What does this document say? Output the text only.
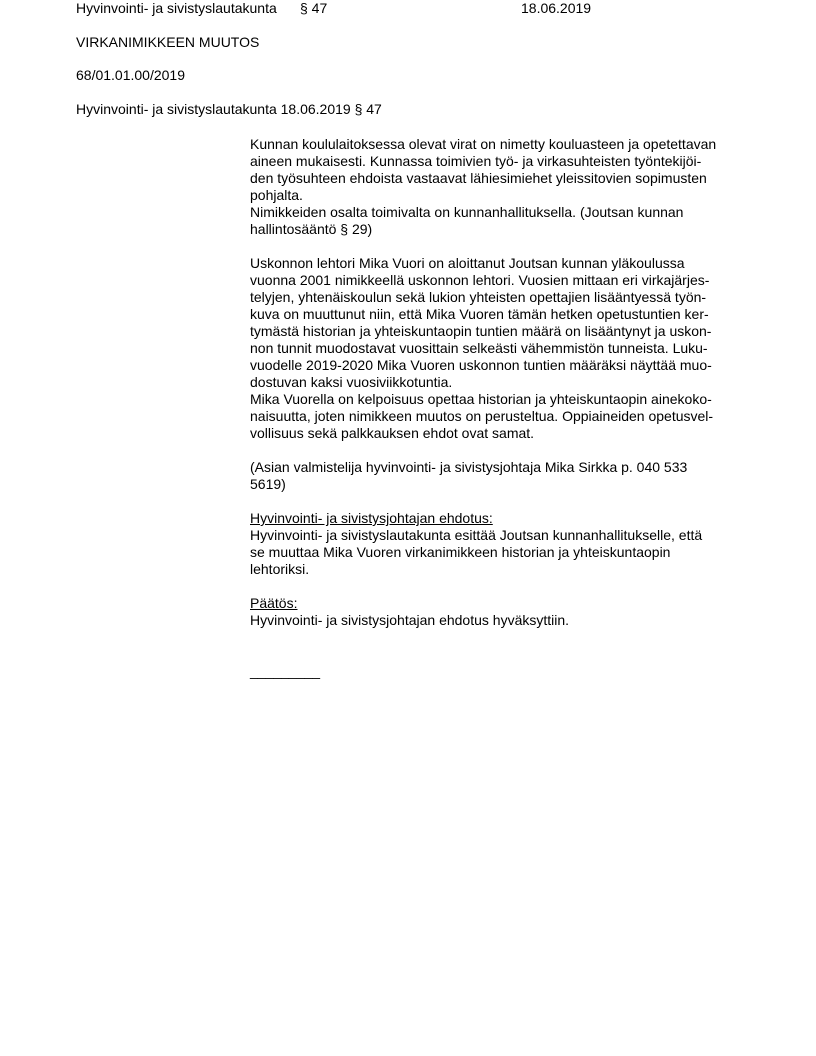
Hyvinvointi- ja sivistyslautakunta § 47	18.06.2019
VIRKANIMIKKEEN MUUTOS
68/01.01.00/2019
Hyvinvointi- ja sivistyslautakunta 18.06.2019 § 47

Kunnan koululaitoksessa olevat virat on nimetty kouluasteen ja opetettavan

aineen mukaisesti. Kunnassa toimivien työ- ja virkasuhteisten työntekijöi-

den työsuhteen ehdoista vastaavat lähiesimiehet yleissitovien sopimusten

pohjalta.

Nimikkeiden osalta toimivalta on kunnanhallituksella. (Joutsan kunnan

hallintosääntö § 29)

Uskonnon lehtori Mika Vuori on aloittanut Joutsan kunnan yläkoulussa

vuonna 2001 nimikkeellä uskonnon lehtori. Vuosien mittaan eri virkajärjes-

telyjen, yhtenäiskoulun sekä lukion yhteisten opettajien lisääntyessä työn-

kuva on muuttunut niin, että Mika Vuoren tämän hetken opetustuntien ker-

tymästä historian ja yhteiskuntaopin tuntien määrä on lisääntynyt ja uskon-

non tunnit muodostavat vuosittain selkeästi vähemmistön tunneista. Luku-

vuodelle 2019-2020 Mika Vuoren uskonnon tuntien määräksi näyttää muo-

dostuvan kaksi vuosiviikkotuntia.

Mika Vuorella on kelpoisuus opettaa historian ja yhteiskuntaopin ainekoko-

naisuutta, joten nimikkeen muutos on perusteltua. Oppiaineiden opetusvel-

vollisuus sekä palkkauksen ehdot ovat samat.

(Asian valmistelija hyvinvointi- ja sivistysjohtaja Mika Sirkka p. 040 533

5619)

Hyvinvointi- ja sivistysjohtajan ehdotus:

Hyvinvointi- ja sivistyslautakunta esittää Joutsan kunnanhallitukselle, että

se muuttaa Mika Vuoren virkanimikkeen historian ja yhteiskuntaopin

lehtoriksi.

Päätös:

Hyvinvointi- ja sivistysjohtajan ehdotus hyväksyttiin.

_________
